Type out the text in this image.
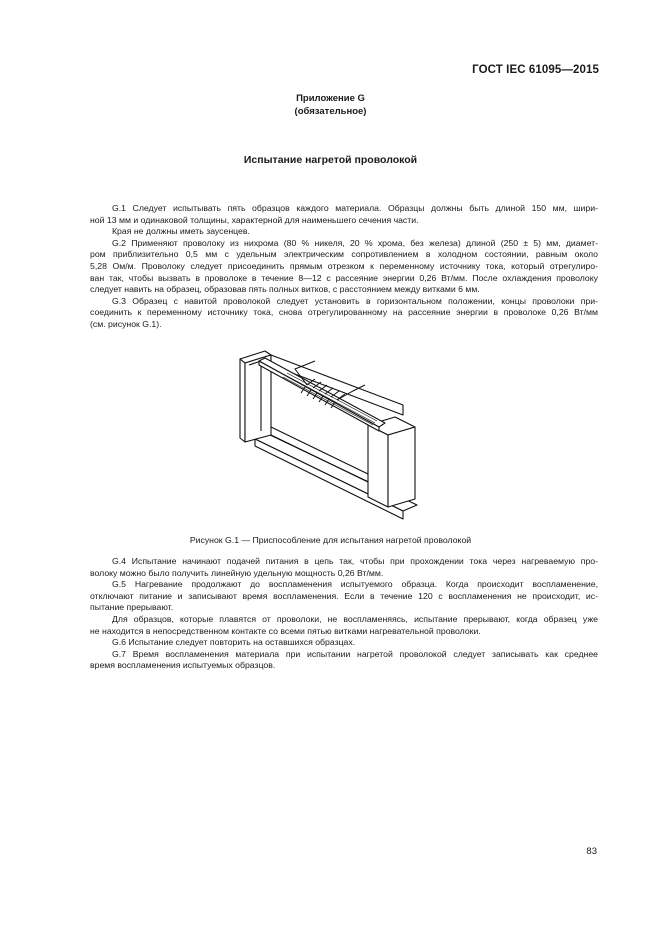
ГОСТ IEC 61095—2015
Приложение G
(обязательное)
Испытание нагретой проволокой

G.1 Следует испытывать пять образцов каждого материала. Образцы должны быть длиной 150 мм, шири-

ной 13 мм и одинаковой толщины, характерной для наименьшего сечения части.

Края не должны иметь заусенцев.

G.2 Применяют проволоку из нихрома (80 % никеля, 20 % хрома, без железа) длиной (250 ± 5) мм, диамет-

ром приблизительно 0,5 мм с удельным электрическим сопротивлением в холодном состоянии, равным около

5,28 Ом/м. Проволоку следует присоединить прямым отрезком к переменному источнику тока, который отрегулиро-

ван так, чтобы вызвать в проволоке в течение 8—12 с рассеяние энергии 0,26 Вт/мм. После охлаждения проволоку

следует навить на образец, образовав пять полных витков, с расстоянием между витками 6 мм.

G.3 Образец с навитой проволокой следует установить в горизонтальном положении, концы проволоки при-

соединить к переменному источнику тока, снова отрегулированному на рассеяние энергии в проволоке 0,26 Вт/мм

(см. рисунок G.1).

Рисунок G.1 — Приспособление для испытания нагретой проволокой

G.4 Испытание начинают подачей питания в цепь так, чтобы при прохождении тока через нагреваемую про-

волоку можно было получить линейную удельную мощность 0,26 Вт/мм.

G.5 Нагревание продолжают до воспламенения испытуемого образца. Когда происходит воспламенение,

отключают питание и записывают время воспламенения. Если в течение 120 с воспламенения не происходит, ис-

пытание прерывают.

Для образцов, которые плавятся от проволоки, не воспламеняясь, испытание прерывают, когда образец уже

не находится в непосредственном контакте со всеми пятью витками нагревательной проволоки.

G.6 Испытание следует повторить на оставшихся образцах.

G.7 Время воспламенения материала при испытании нагретой проволокой следует записывать как среднее

время воспламенения испытуемых образцов.

83
